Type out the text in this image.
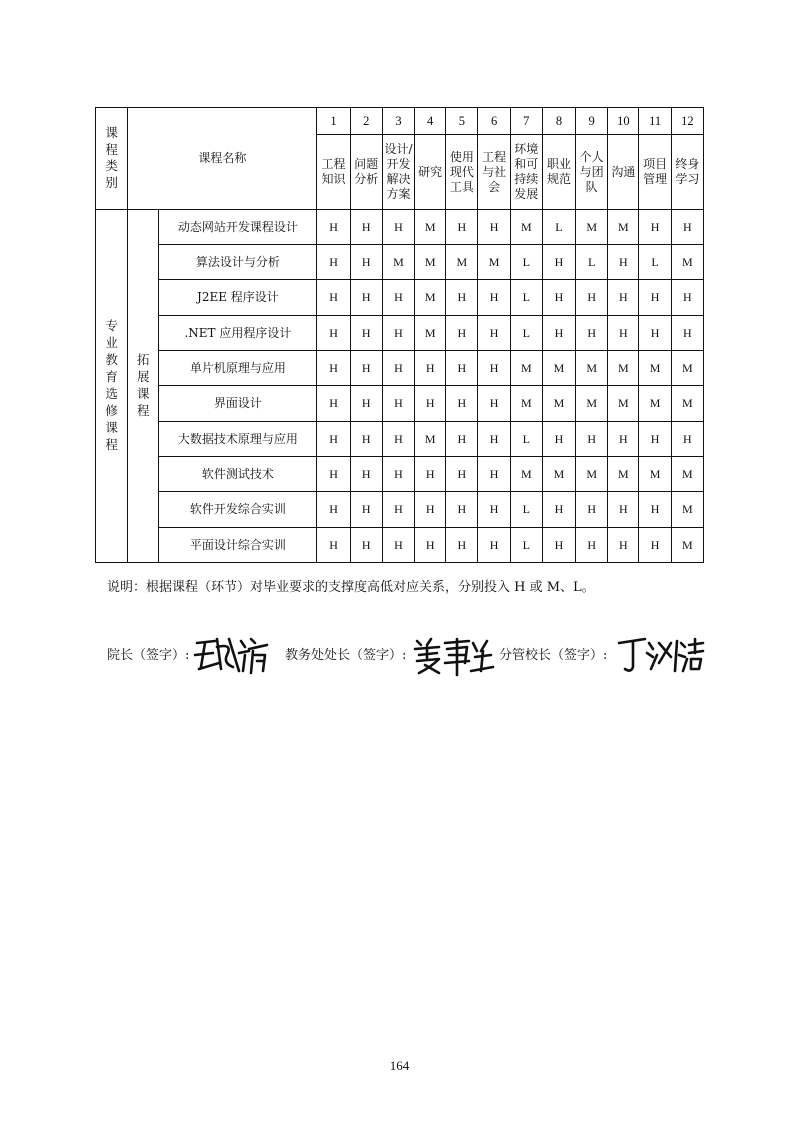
课程类别	课程名称		1	2	3	4	5	6	7	8	9	10	11	12

			工程知识	问题分析	设计/开发解决方案	研究	使用现代工具	工程与社会	环境和可持续发展	职业规范	个人与团队	沟通	项目管理	终身学习

专业教育选修课程	拓展课程	动态网站开发课程设计	H	H	H	M	H	H	M	L	M	M	H	H
		算法设计与分析	H	H	M	M	M	M	L	H	L	H	L	M
		J2EE 程序设计	H	H	H	M	H	H	L	H	H	H	H	H
		.NET 应用程序设计	H	H	H	M	H	H	L	H	H	H	H	H
		单片机原理与应用	H	H	H	H	H	H	M	M	M	M	M	M
		界面设计	H	H	H	H	H	H	M	M	M	M	M	M
		大数据技术原理与应用	H	H	H	M	H	H	L	H	H	H	H	H
		软件测试技术	H	H	H	H	H	H	M	M	M	M	M	M
		软件开发综合实训	H	H	H	H	H	H	L	H	H	H	H	M
		平面设计综合实训	H	H	H	H	H	H	L	H	H	H	H	M
说明：根据课程（环节）对毕业要求的支撑度高低对应关系，分别投入 H 或 M、L。
院长（签字）:	教务处处长（签字）:	分管校长（签字）:
164
